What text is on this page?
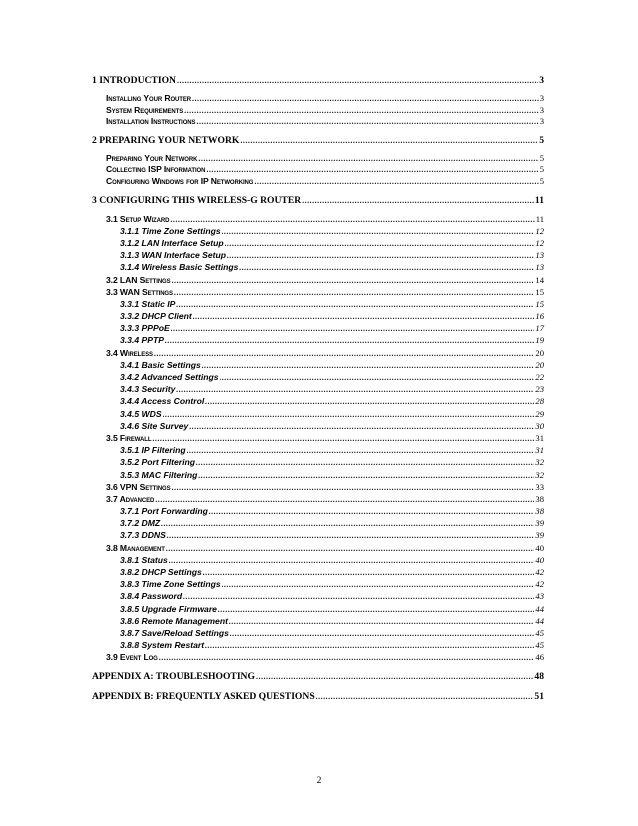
1 INTRODUCTION .....	3
Installing Your Router .....	3
System Requirements .....	3
Installation Instructions .....	3
2 PREPARING YOUR NETWORK .....	5
Preparing Your Network .....	5
Collecting ISP Information .....	5
Configuring Windows for IP Networking .....	5
3 CONFIGURING THIS WIRELESS-G ROUTER .....	11
3.1 Setup Wizard .....	11
3.1.1 Time Zone Settings .....	12
3.1.2 LAN Interface Setup .....	12
3.1.3 WAN Interface Setup .....	13
3.1.4 Wireless Basic Settings .....	13
3.2 LAN Settings .....	14
3.3 WAN Settings .....	15
3.3.1 Static IP .....	15
3.3.2 DHCP Client .....	16
3.3.3 PPPoE .....	17
3.3.4 PPTP .....	19
3.4 Wireless .....	20
3.4.1 Basic Settings .....	20
3.4.2 Advanced Settings .....	22
3.4.3 Security .....	23
3.4.4 Access Control .....	28
3.4.5 WDS .....	29
3.4.6 Site Survey .....	30
3.5 Firewall .....	31
3.5.1 IP Filtering .....	31
3.5.2 Port Filtering .....	32
3.5.3 MAC Filtering .....	32
3.6 VPN Settings .....	33
3.7 Advanced .....	38
3.7.1 Port Forwarding .....	38
3.7.2 DMZ .....	39
3.7.3 DDNS .....	39
3.8 Management .....	40
3.8.1 Status .....	40
3.8.2 DHCP Settings .....	42
3.8.3 Time Zone Settings .....	42
3.8.4 Password .....	43
3.8.5 Upgrade Firmware .....	44
3.8.6 Remote Management .....	44
3.8.7 Save/Reload Settings .....	45
3.8.8 System Restart .....	45
3.9 Event Log .....	46
APPENDIX A: TROUBLESHOOTING .....	48
APPENDIX B: FREQUENTLY ASKED QUESTIONS .....	51
2
